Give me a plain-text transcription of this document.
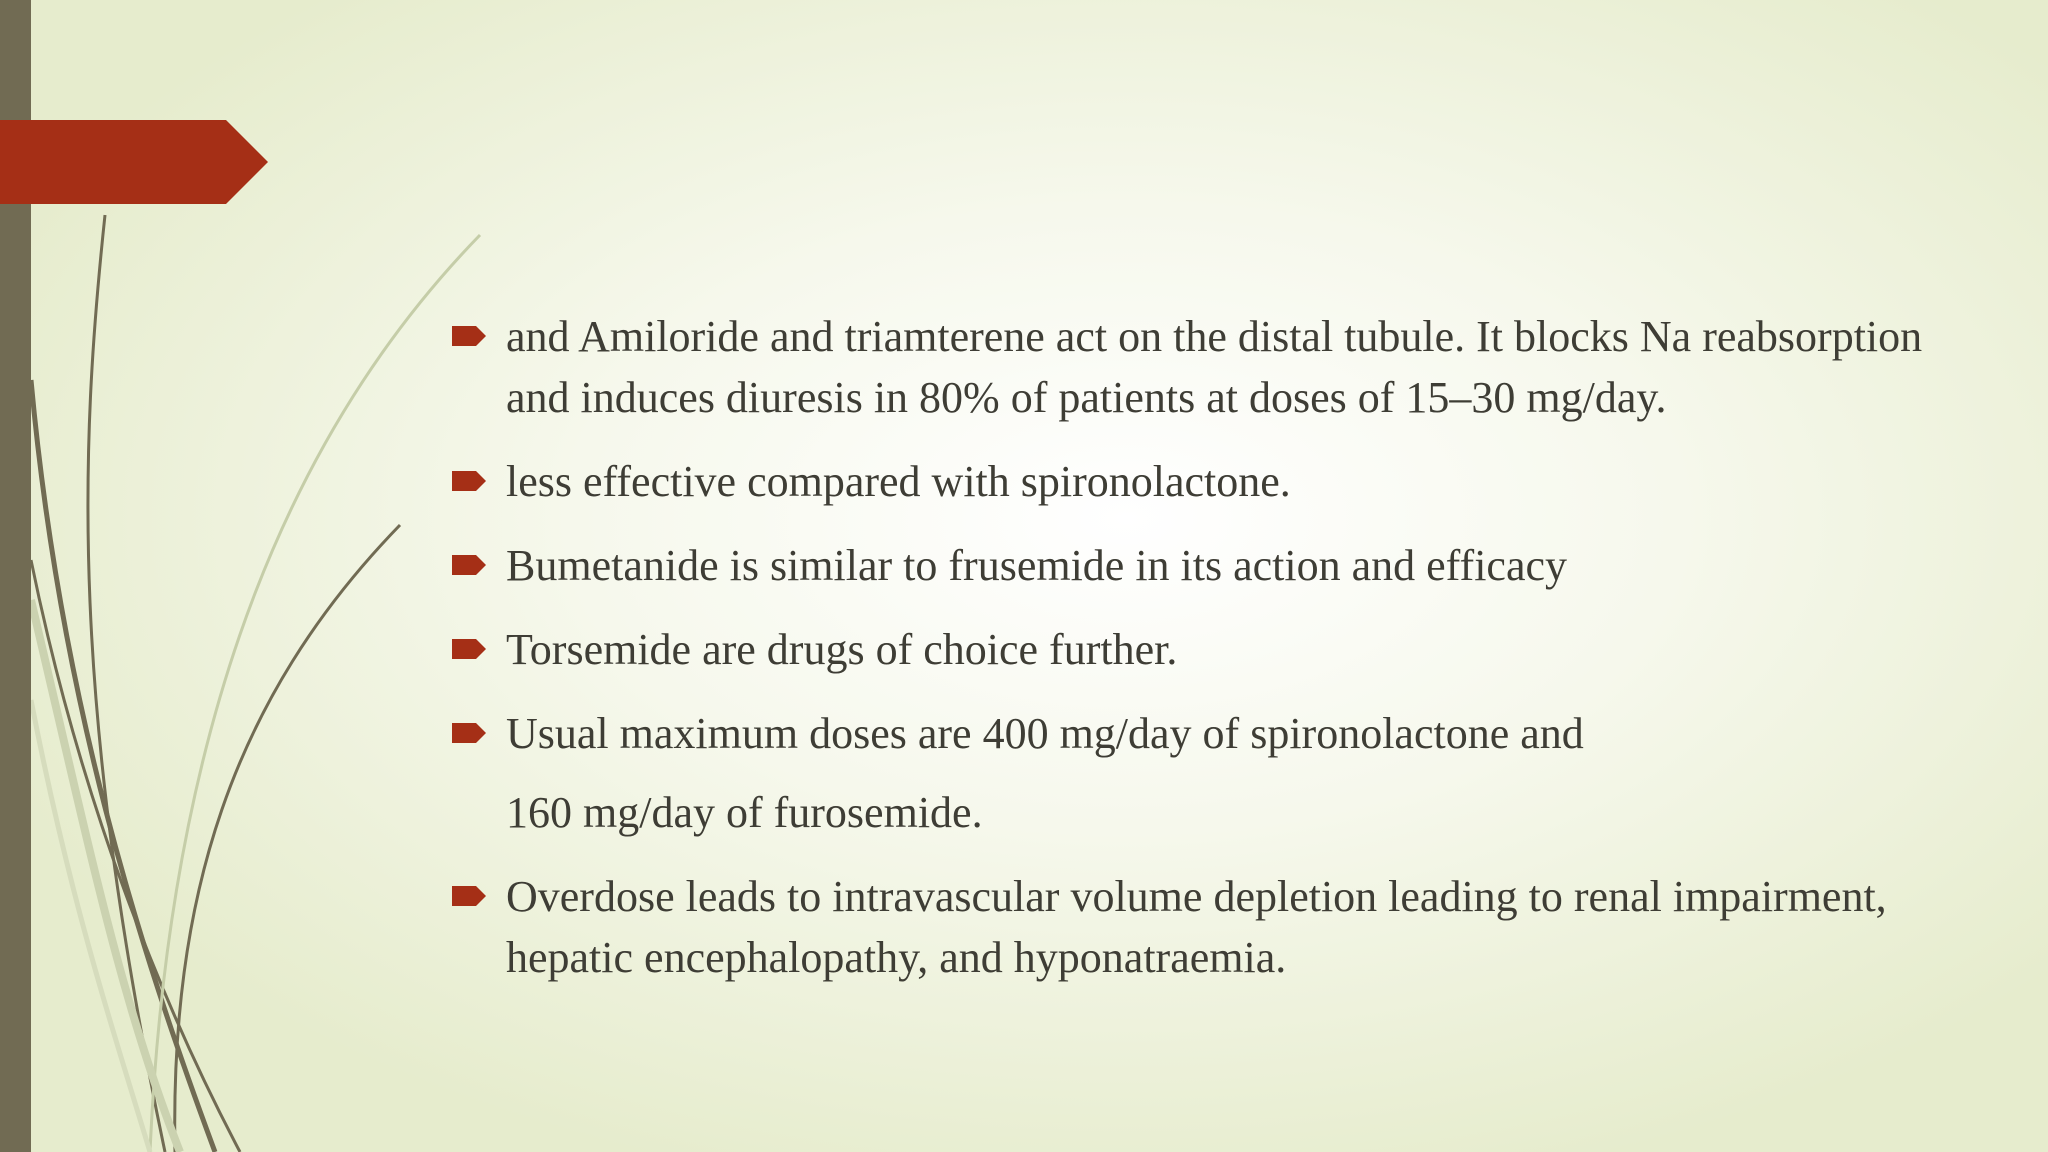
and Amiloride and triamterene act on the distal tubule. It blocks Na reabsorption and induces diuresis in 80% of patients at doses of 15–30 mg/day.
less effective compared with spironolactone.
Bumetanide is similar to frusemide in its action and efficacy
Torsemide are drugs of choice further.
Usual maximum doses are 400 mg/day of spironolactone and
160 mg/day of furosemide.
Overdose leads to intravascular volume depletion leading to renal impairment, hepatic encephalopathy, and hyponatraemia.
